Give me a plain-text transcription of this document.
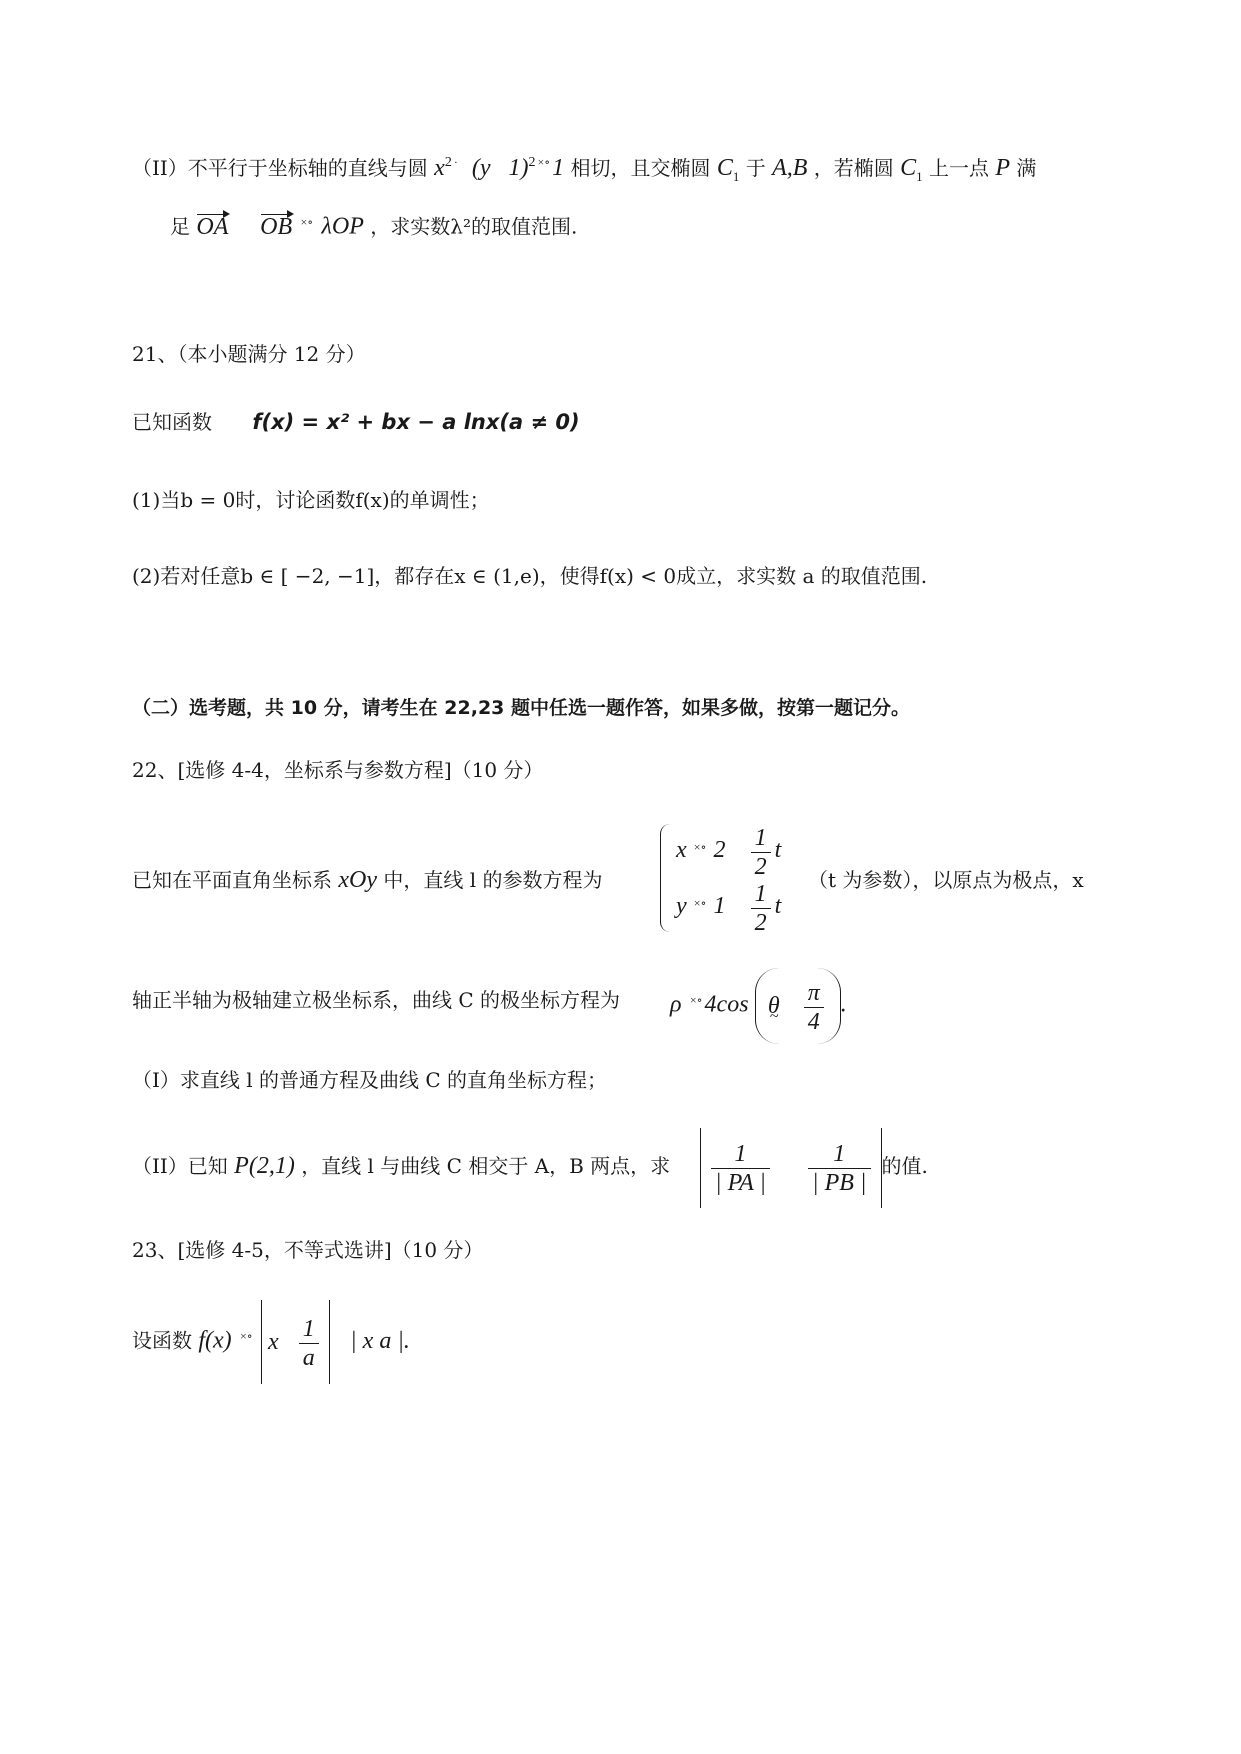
（II）不平行于坐标轴的直线与圆 $x^2$ ·  (y   1)$^2$ ×∘1 相切，且交椭圆 $C_1$ 于 A,B ，若椭圆 $C_1$ 上一点 P 满
足 OA OB ×∘ λOP ，求实数λ²的取值范围.
21、（本小题满分 12 分）
已知函数 f(x) = x² + bx − a lnx(a ≠ 0)
(1)当b = 0时，讨论函数f(x)的单调性；
(2)若对任意b ∈ [ −2, −1]，都存在x ∈ (1,e)，使得f(x) < 0成立，求实数 a 的取值范围.
（二）选考题，共 10 分，请考生在 22,23 题中任选一题作答，如果多做，按第一题记分。
22、[选修 4-4，坐标系与参数方程]（10 分）
已知在平面直角坐标系 xOy 中，直线 l 的参数方程为
x ×∘ $2 \frac{1}{2}$ t
y ×∘ $1 \frac{1}{2}$ t
（t 为参数），以原点为极点，x
轴正半轴为极轴建立极坐标系，曲线 C 的极坐标方程为	ρ ×∘4cos θ ~ $\frac{\pi}{4}$ .
（I）求直线 l 的普通方程及曲线 C 的直角坐标方程；
（II）已知 P(2,1) ，直线 l 与曲线 C 相交于 A，B 两点，求	$\frac{1}{| PA |}$
$\frac{1}{| PB |}$ 的值.
23、[选修 4-5，不等式选讲]（10 分）
设函数 f(x) ×∘ x $\frac{1}{a}$ | x a |.
